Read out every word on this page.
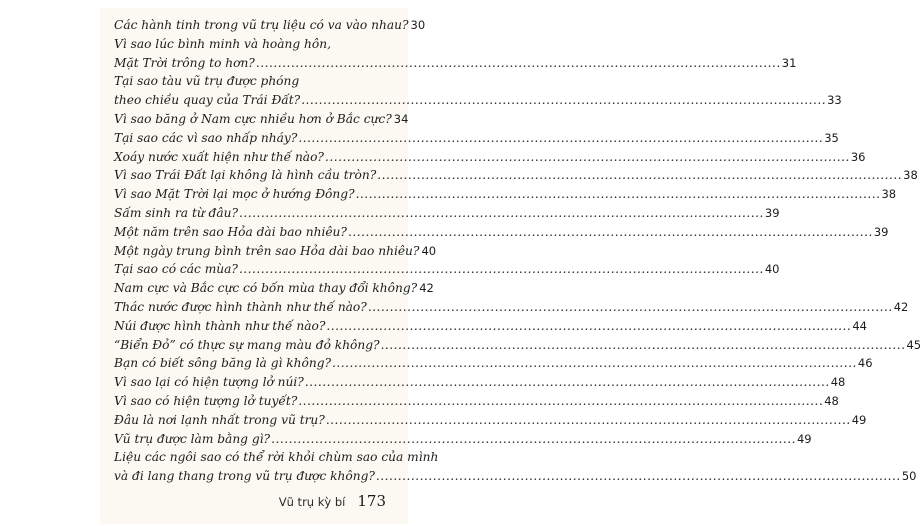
Các hành tinh trong vũ trụ liệu có va vào nhau? 30
Vì sao lúc bình minh và hoàng hôn,
Mặt Trời trông to hơn? .....	31
Tại sao tàu vũ trụ được phóng
theo chiều quay của Trái Đất? .....	33
Vì sao băng ở Nam cực nhiều hơn ở Bắc cực? 34
Tại sao các vì sao nhấp nháy? .....	35
Xoáy nước xuất hiện như thế nào? .....	36
Vì sao Trái Đất lại không là hình cầu tròn? .....	38
Vì sao Mặt Trời lại mọc ở hướng Đông? .....	38
Sấm sinh ra từ đâu? .....	39
Một năm trên sao Hỏa dài bao nhiêu? .....	39
Một ngày trung bình trên sao Hỏa dài bao nhiêu? 40
Tại sao có các mùa? .....	40
Nam cực và Bắc cực có bốn mùa thay đổi không? 42
Thác nước được hình thành như thế nào? .....	42
Núi được hình thành như thế nào? .....	44
“Biển Đỏ” có thực sự mang màu đỏ không? .....	45
Bạn có biết sông băng là gì không? .....	46
Vì sao lại có hiện tượng lở núi? .....	48
Vì sao có hiện tượng lở tuyết? .....	48
Đâu là nơi lạnh nhất trong vũ trụ? .....	49
Vũ trụ được làm bằng gì? .....	49
Liệu các ngôi sao có thể rời khỏi chùm sao của mình
và đi lang thang trong vũ trụ được không? .....	50
Vũ trụ kỳ bí 173
